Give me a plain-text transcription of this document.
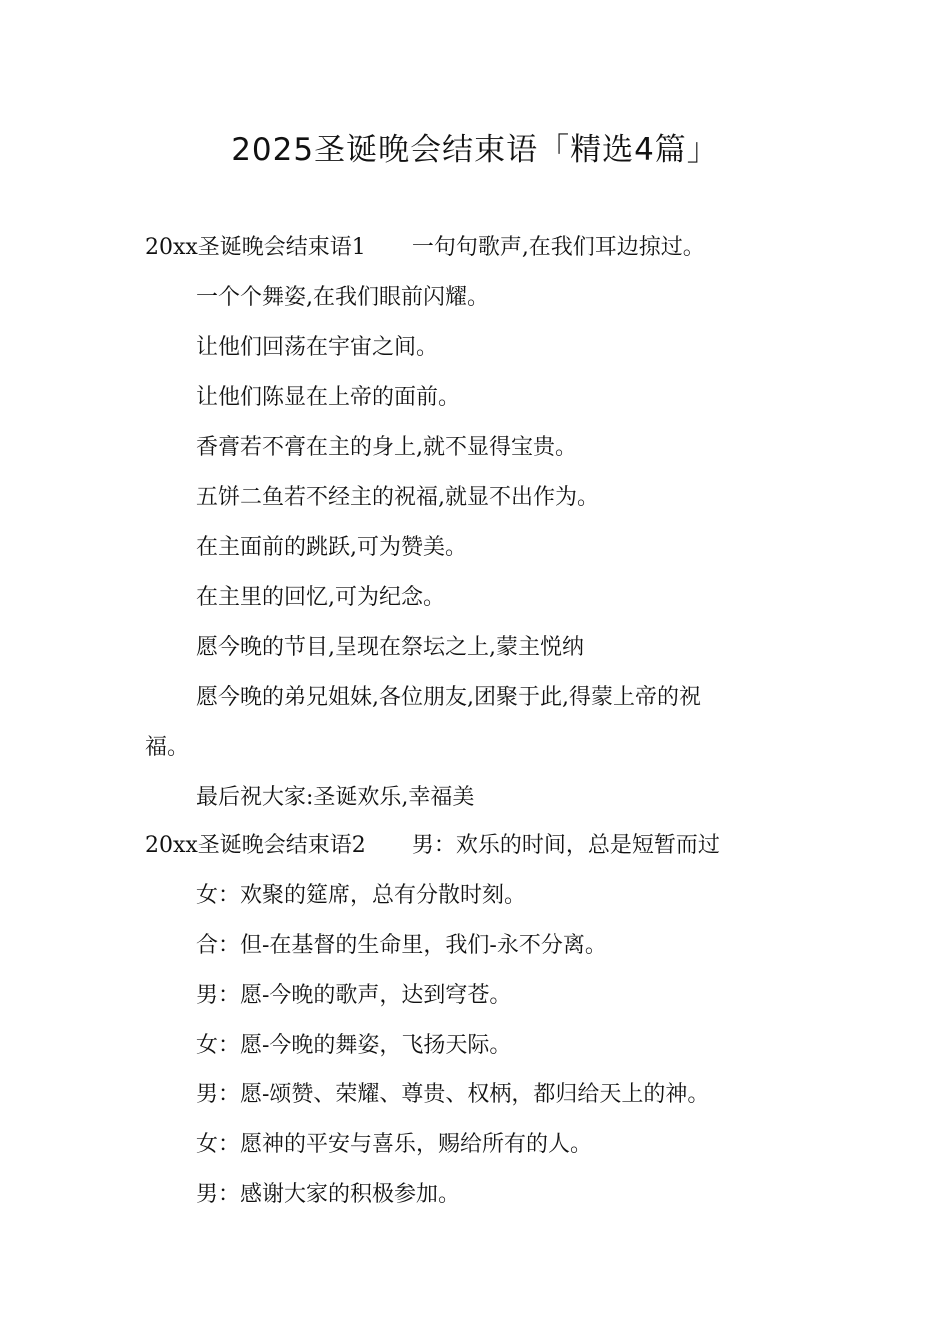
2025圣诞晚会结束语「精选4篇」
20xx圣诞晚会结束语1 一句句歌声,在我们耳边掠过。
一个个舞姿,在我们眼前闪耀。
让他们回荡在宇宙之间。
让他们陈显在上帝的面前。
香膏若不膏在主的身上,就不显得宝贵。
五饼二鱼若不经主的祝福,就显不出作为。
在主面前的跳跃,可为赞美。
在主里的回忆,可为纪念。
愿今晚的节目,呈现在祭坛之上,蒙主悦纳
愿今晚的弟兄姐妹,各位朋友,团聚于此,得蒙上帝的祝
福。
最后祝大家:圣诞欢乐,幸福美
20xx圣诞晚会结束语2 男：欢乐的时间，总是短暂而过
女：欢聚的筵席，总有分散时刻。
合：但-在基督的生命里，我们-永不分离。
男：愿-今晚的歌声，达到穹苍。
女：愿-今晚的舞姿，飞扬天际。
男：愿-颂赞、荣耀、尊贵、权柄，都归给天上的神。
女：愿神的平安与喜乐，赐给所有的人。
男：感谢大家的积极参加。
